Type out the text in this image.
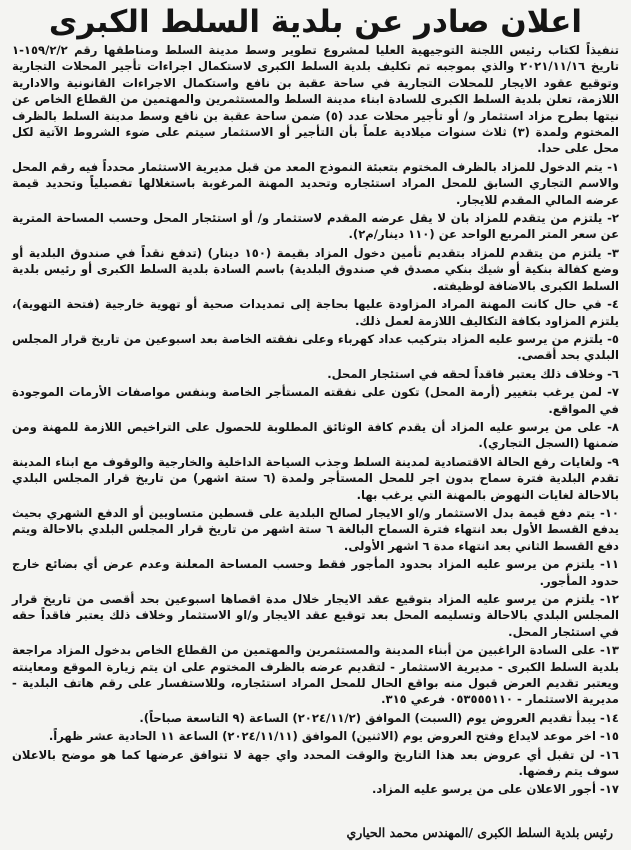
اعلان صادر عن بلدية السلط الكبرى

تنفيذاً لكتاب رئيس اللجنة التوجيهية العليا لمشروع تطوير وسط مدينة السلط ومناطقها رقم ١٥٩/٢/٢-١ تاريخ ٢٠٢١/١١/١٦ والذي بموجبه تم تكليف بلدية السلط الكبرى لاستكمال اجراءات تأجير المحلات التجارية وتوقيع عقود الايجار للمحلات التجارية في ساحة عقبة بن نافع واستكمال الاجراءات القانونية والادارية اللازمة، تعلن بلدية السلط الكبرى للسادة ابناء مدينة السلط والمستثمرين والمهتمين من القطاع الخاص عن نيتها بطرح مزاد استثمار و/ أو تأجير محلات عدد (٥) ضمن ساحة عقبة بن نافع وسط مدينة السلط بالظرف المختوم ولمدة (٣) ثلاث سنوات ميلادية علماً بأن التأجير أو الاستثمار سيتم على ضوء الشروط الآتية لكل محل على حدا.

١- يتم الدخول للمزاد بالظرف المختوم بتعبئة النموذج المعد من قبل مديرية الاستثمار محدداً فيه رقم المحل والاسم التجاري السابق للمحل المراد استئجاره وتحديد المهنة المرغوبة باستغلالها تفصيلياً وتحديد قيمة عرضه المالي المقدم للايجار.

٢- يلتزم من يتقدم للمزاد بان لا يقل عرضه المقدم لاستثمار و/ أو استئجار المحل وحسب المساحة المترية عن سعر المتر المربع الواحد عن (١١٠ دينار/م٢).

٣- يلتزم من يتقدم للمزاد بتقديم تأمين دخول المزاد بقيمة (١٥٠ دينار) (تدفع نقداً في صندوق البلدية أو وضع كفالة بنكية أو شيك بنكي مصدق في صندوق البلدية) باسم السادة بلدية السلط الكبرى أو رئيس بلدية السلط الكبرى بالاضافة لوظيفته.

٤- في حال كانت المهنة المراد المزاودة عليها بحاجة إلى تمديدات صحية أو تهوية خارجية (فتحة التهوية)، يلتزم المزاود بكافة التكاليف اللازمة لعمل ذلك.

٥- يلتزم من يرسو عليه المزاد بتركيب عداد كهرباء وعلى نفقته الخاصة بعد اسبوعين من تاريخ قرار المجلس البلدي بحد أقصى.

٦- وخلاف ذلك يعتبر فاقداً لحقه في استئجار المحل.

٧- لمن يرغب بتغيير (أرمة المحل) تكون على نفقته المستأجر الخاصة وبنفس مواصفات الأرمات الموجودة في المواقع.

٨- على من يرسو عليه المزاد أن يقدم كافة الوثائق المطلوبة للحصول على التراخيص اللازمة للمهنة ومن ضمنها (السجل التجاري).

٩- ولغايات رفع الحالة الاقتصادية لمدينة السلط وجذب السياحة الداخلية والخارجية والوقوف مع ابناء المدينة تقدم البلدية فترة سماح بدون اجر للمحل المستأجر ولمدة (٦ ستة اشهر) من تاريخ قرار المجلس البلدي بالاحالة لغايات النهوض بالمهنة التي يرغب بها.

١٠- يتم دفع قيمة بدل الاستثمار و/او الايجار لصالح البلدية على قسطين متساويين أو الدفع الشهري بحيث يدفع القسط الأول بعد انتهاء فترة السماح البالغة ٦ ستة اشهر من تاريخ قرار المجلس البلدي بالاحالة ويتم دفع القسط الثاني بعد انتهاء مدة ٦ اشهر الأولى.

١١- يلتزم من يرسو عليه المزاد بحدود المأجور فقط وحسب المساحة المعلنة وعدم عرض أي بضائع خارج حدود المأجور.

١٢- يلتزم من يرسو عليه المزاد بتوقيع عقد الايجار خلال مدة اقصاها اسبوعين بحد أقصى من تاريخ قرار المجلس البلدي بالاحالة وتسليمه المحل بعد توقيع عقد الايجار و/او الاستثمار وخلاف ذلك يعتبر فاقداً حقه في استئجار المحل.

١٣- على السادة الراغبين من أبناء المدينة والمستثمرين والمهتمين من القطاع الخاص بدخول المزاد مراجعة بلدية السلط الكبرى - مديرية الاستثمار - لتقديم عرضه بالظرف المختوم على ان يتم زيارة الموقع ومعاينته ويعتبر تقديم العرض قبول منه بواقع الحال للمحل المراد استئجاره، وللاستفسار على رقم هاتف البلدية - مديرية الاستثمار - ٠٥٣٥٥٥١١٠ فرعي ٣١٥.

١٤- يبدأ تقديم العروض يوم (السبت) الموافق (٢٠٢٤/١١/٢) الساعة (٩ التاسعة صباحاً).

١٥- اخر موعد لايداع وفتح العروض يوم (الاثنين) الموافق (٢٠٢٤/١١/١١) الساعة ١١ الحادية عشر ظهراً.

١٦- لن تقبل أي عروض بعد هذا التاريخ والوقت المحدد واي جهة لا تتوافق عرضها كما هو موضح بالاعلان سوف يتم رفضها.

١٧- أجور الاعلان على من يرسو عليه المزاد.

رئيس بلدية السلط الكبرى /المهندس محمد الحياري
